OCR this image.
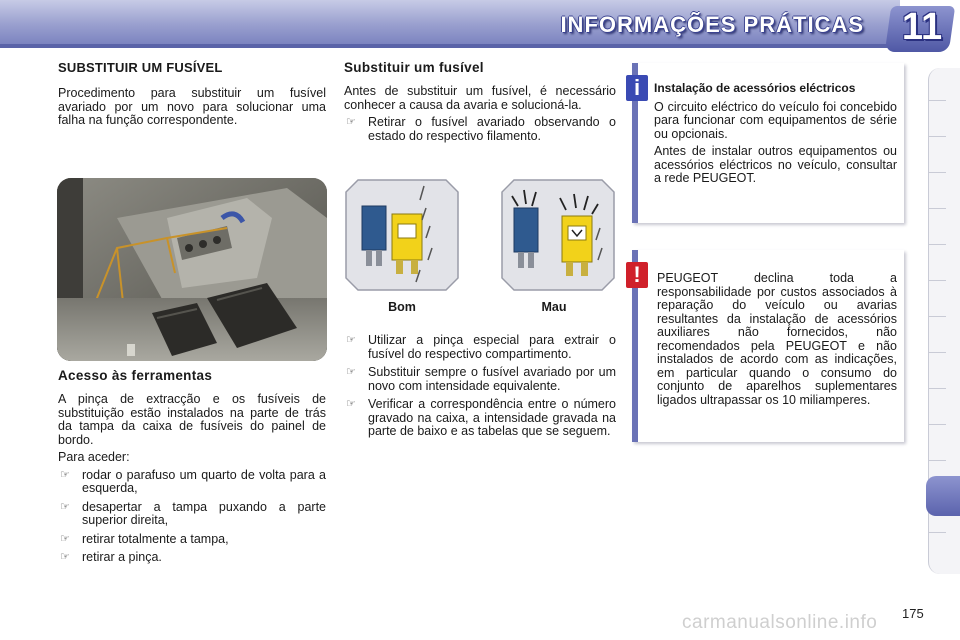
INFORMAÇÕES PRÁTICAS 11
SUBSTITUIR UM FUSÍVEL

Procedimento para substituir um fusível avariado por um novo para solucionar uma falha na função correspondente.

Acesso às ferramentas

A pinça de extracção e os fusíveis de substituição estão instalados na parte de trás da tampa da caixa de fusíveis do painel de bordo.

Para aceder:

☞ rodar o parafuso um quarto de volta para a esquerda,
☞ desapertar a tampa puxando a parte superior direita,
☞ retirar totalmente a tampa,
☞ retirar a pinça.
Substituir um fusível

Antes de substituir um fusível, é necessário conhecer a causa da avaria e solucioná-la.

☞ Retirar o fusível avariado observando o estado do respectivo filamento.
Bom	Mau
☞ Utilizar a pinça especial para extrair o fusível do respectivo compartimento.
☞ Substituir sempre o fusível avariado por um novo com intensidade equivalente.
☞ Verificar a correspondência entre o número gravado na caixa, a intensidade gravada na parte de baixo e as tabelas que se seguem.
i	Instalação de acessórios eléctricos

O circuito eléctrico do veículo foi concebido para funcionar com equipamentos de série ou opcionais.

Antes de instalar outros equipamentos ou acessórios eléctricos no veículo, consultar a rede PEUGEOT.

!	PEUGEOT declina toda a responsabilidade por custos associados à reparação do veículo ou avarias resultantes da instalação de acessórios auxiliares não fornecidos, não recomendados pela PEUGEOT e não instalados de acordo com as indicações, em particular quando o consumo do conjunto de aparelhos suplementares ligados ultrapassar os 10 miliamperes.

carmanualsonline.info 175
